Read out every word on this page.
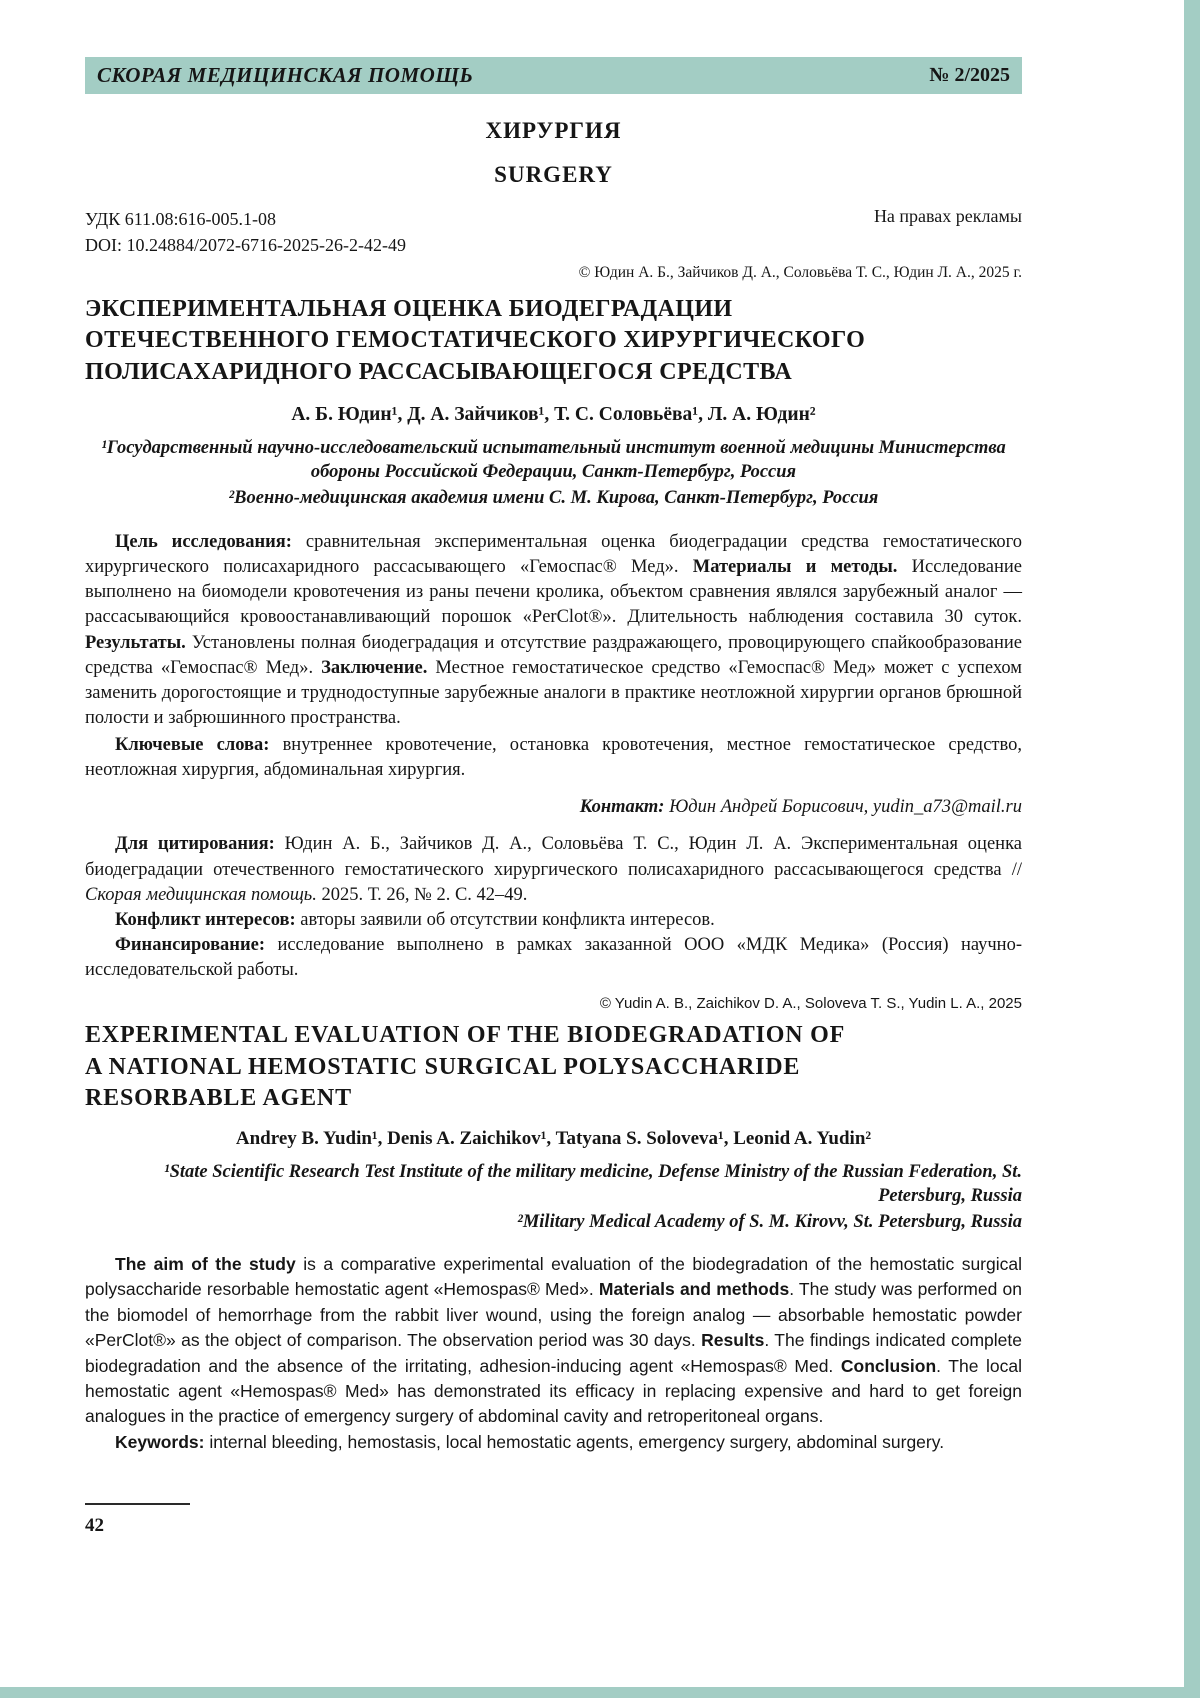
СКОРАЯ МЕДИЦИНСКАЯ ПОМОЩЬ	№ 2/2025
ХИРУРГИЯ
SURGERY
УДК 611.08:616-005.1-08
DOI: 10.24884/2072-6716-2025-26-2-42-49
На правах рекламы
© Юдин А. Б., Зайчиков Д. А., Соловьёва Т. С., Юдин Л. А., 2025 г.
ЭКСПЕРИМЕНТАЛЬНАЯ ОЦЕНКА БИОДЕГРАДАЦИИ
ОТЕЧЕСТВЕННОГО ГЕМОСТАТИЧЕСКОГО ХИРУРГИЧЕСКОГО
ПОЛИСАХАРИДНОГО РАССАСЫВАЮЩЕГОСЯ СРЕДСТВА
А. Б. Юдин¹, Д. А. Зайчиков¹, Т. С. Соловьёва¹, Л. А. Юдин²
¹Государственный научно-исследовательский испытательный институт военной медицины Министерства обороны Российской Федерации, Санкт-Петербург, Россия
²Военно-медицинская академия имени С. М. Кирова, Санкт-Петербург, Россия

Цель исследования: сравнительная экспериментальная оценка биодеградации средства гемостатического хирургического полисахаридного рассасывающего «Гемоспас® Мед». Материалы и методы. Исследование выполнено на биомодели кровотечения из раны печени кролика, объектом сравнения являлся зарубежный аналог — рассасывающийся кровоостанавливающий порошок «PerClot®». Длительность наблюдения составила 30 суток. Результаты. Установлены полная биодеградация и отсутствие раздражающего, провоцирующего спайкообразование средства «Гемоспас® Мед». Заключение. Местное гемостатическое средство «Гемоспас® Мед» может с успехом заменить дорогостоящие и труднодоступные зарубежные аналоги в практике неотложной хирургии органов брюшной полости и забрюшинного пространства.

Ключевые слова: внутреннее кровотечение, остановка кровотечения, местное гемостатическое средство, неотложная хирургия, абдоминальная хирургия.

Контакт: Юдин Андрей Борисович, yudin_a73@mail.ru

Для цитирования: Юдин А. Б., Зайчиков Д. А., Соловьёва Т. С., Юдин Л. А. Экспериментальная оценка биодеградации отечественного гемостатического хирургического полисахаридного рассасывающегося средства // Скорая медицинская помощь. 2025. Т. 26, № 2. С. 42–49.

Конфликт интересов: авторы заявили об отсутствии конфликта интересов.

Финансирование: исследование выполнено в рамках заказанной ООО «МДК Медика» (Россия) научно-исследовательской работы.

© Yudin A. B., Zaichikov D. A., Soloveva T. S., Yudin L. A., 2025
EXPERIMENTAL EVALUATION OF THE BIODEGRADATION OF
A NATIONAL HEMOSTATIC SURGICAL POLYSACCHARIDE
RESORBABLE AGENT
Andrey B. Yudin¹, Denis A. Zaichikov¹, Tatyana S. Soloveva¹, Leonid A. Yudin²
¹State Scientific Research Test Institute of the military medicine, Defense Ministry of the Russian Federation, St. Petersburg, Russia
²Military Medical Academy of S. M. Kirovv, St. Petersburg, Russia

The aim of the study is a comparative experimental evaluation of the biodegradation of the hemostatic surgical polysaccharide resorbable hemostatic agent «Hemospas® Med». Materials and methods. The study was performed on the biomodel of hemorrhage from the rabbit liver wound, using the foreign analog — absorbable hemostatic powder «PerClot®» as the object of comparison. The observation period was 30 days. Results. The findings indicated complete biodegradation and the absence of the irritating, adhesion-inducing agent «Hemospas® Med. Conclusion. The local hemostatic agent «Hemospas® Med» has demonstrated its efficacy in replacing expensive and hard to get foreign analogues in the practice of emergency surgery of abdominal cavity and retroperitoneal organs.

Keywords: internal bleeding, hemostasis, local hemostatic agents, emergency surgery, abdominal surgery.

42
